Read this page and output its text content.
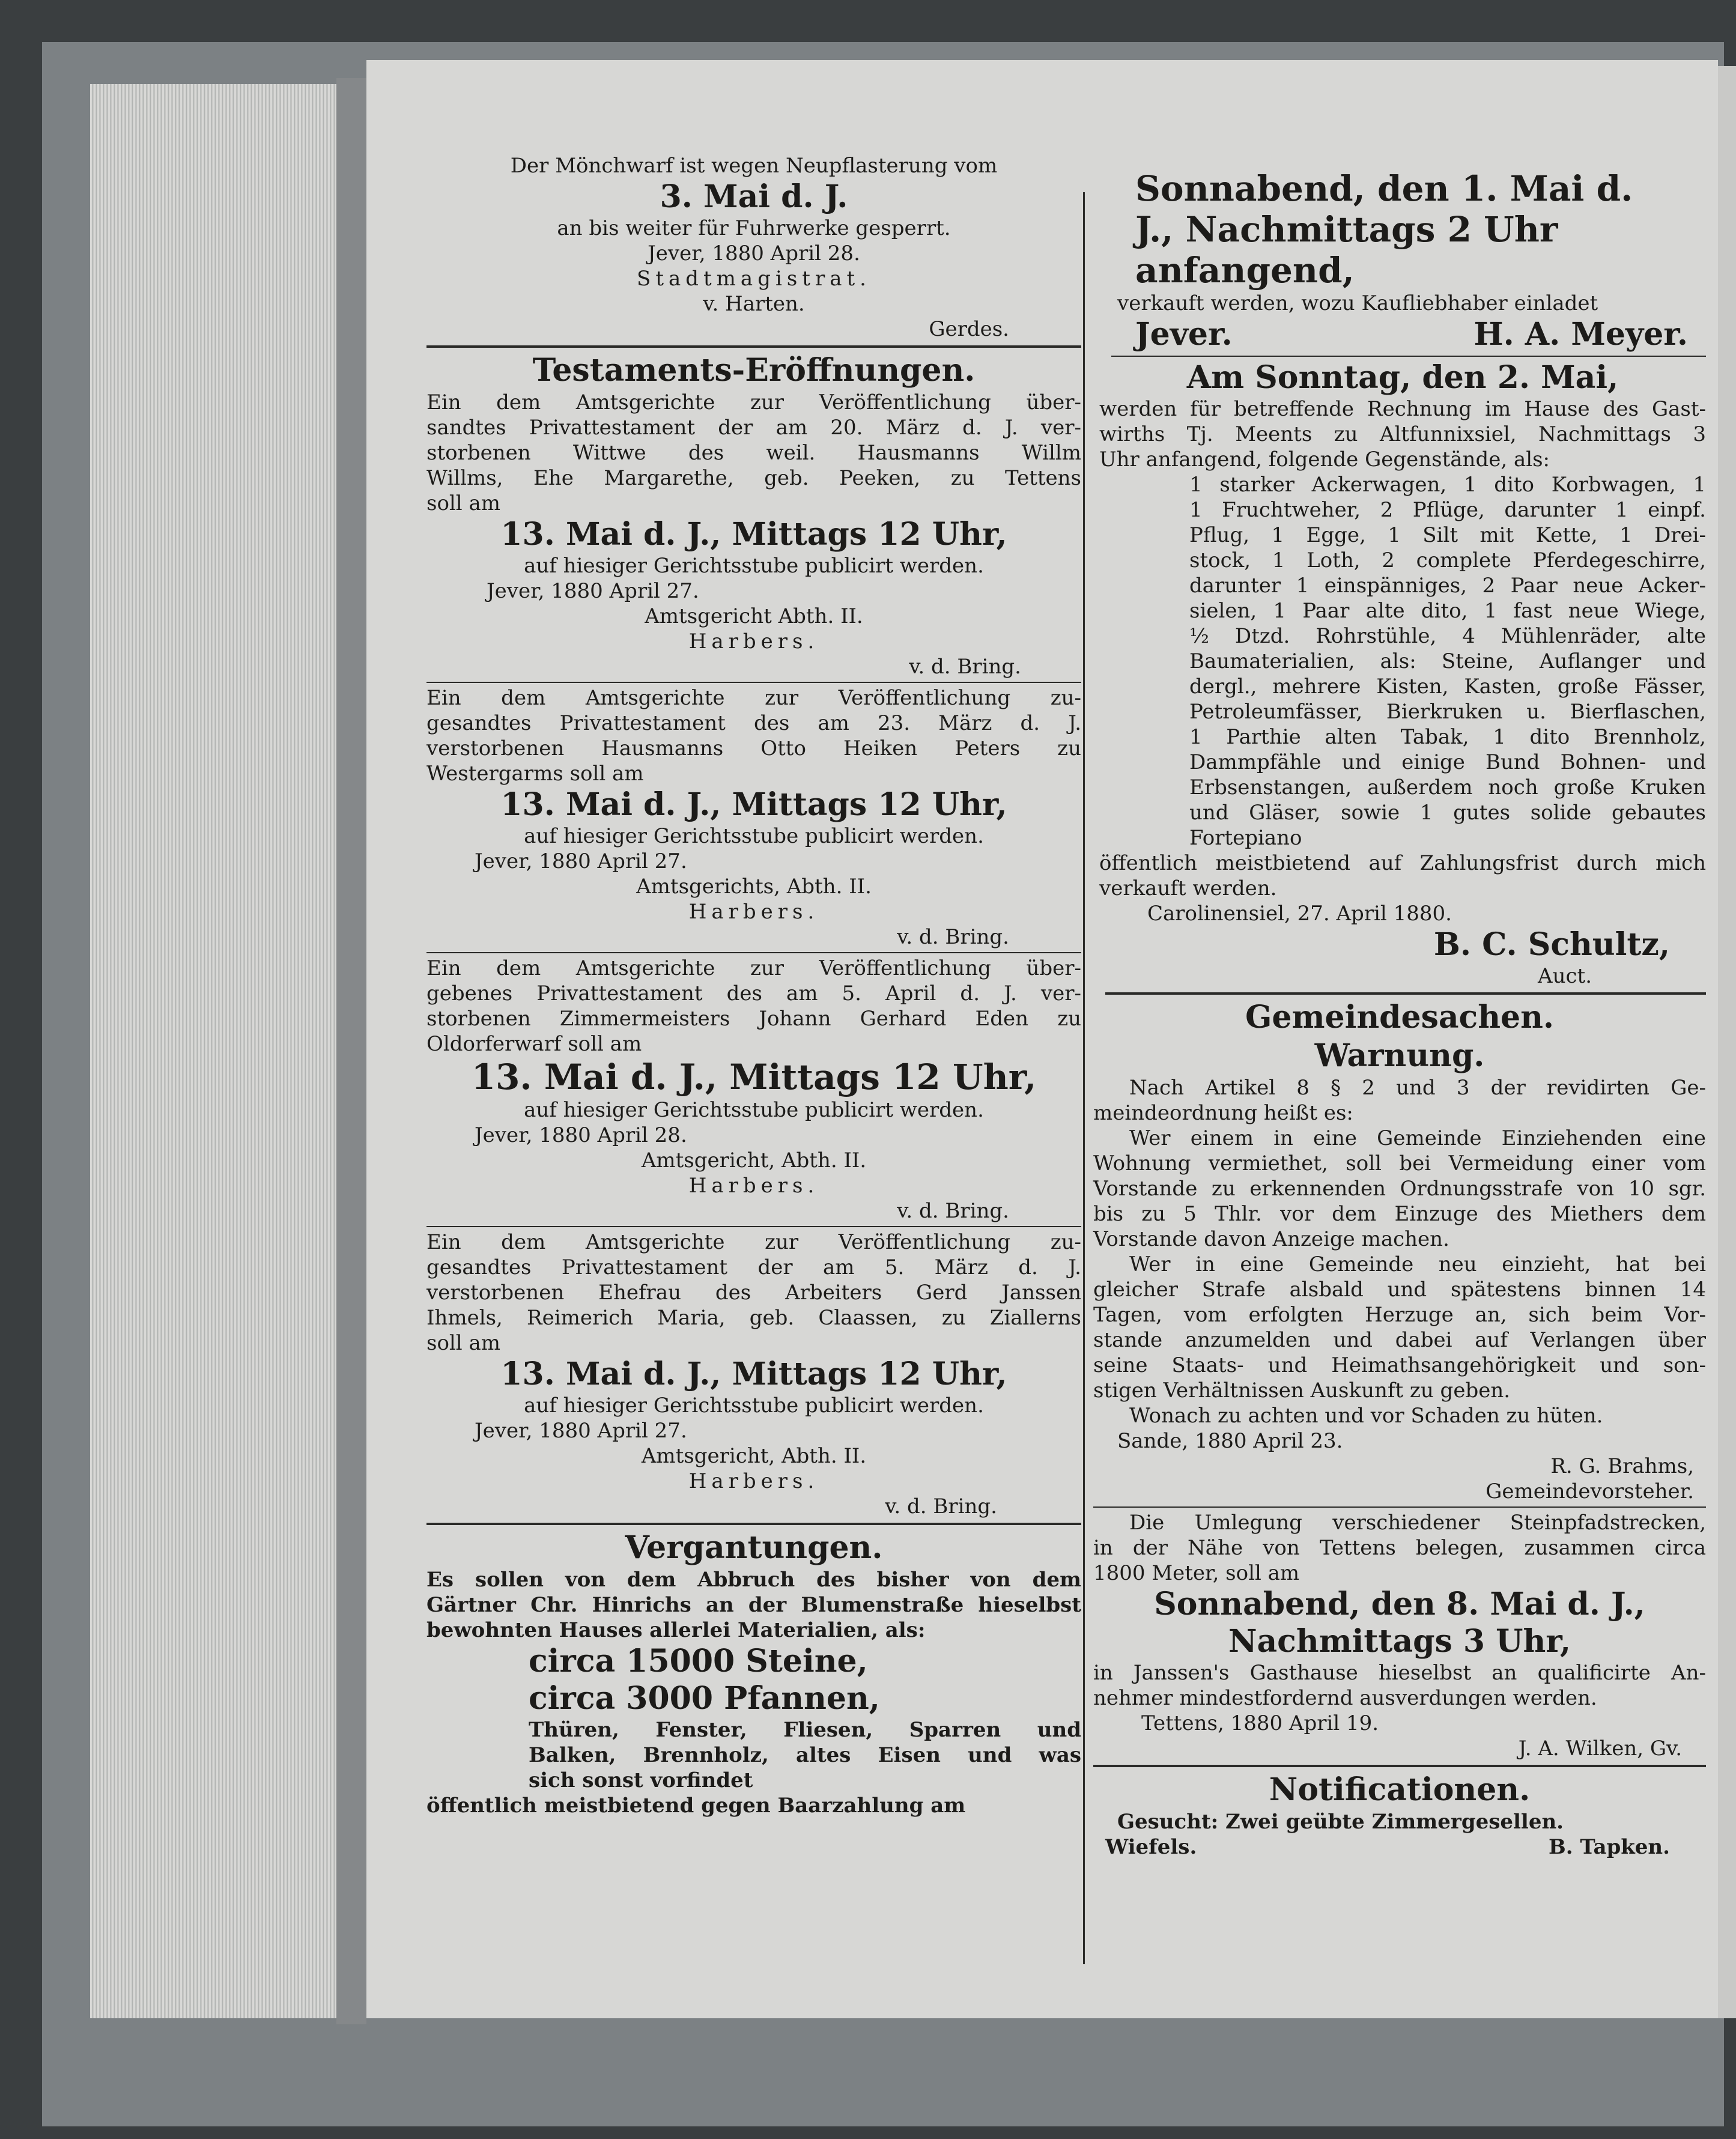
Der Mönchwarf ist wegen Neupflasterung vom
3. Mai d. J.
an bis weiter für Fuhrwerke gesperrt.
Jever, 1880 April 28.
Stadtmagistrat.
v. Harten.
Gerdes.
Testaments-Eröffnungen.
Ein dem Amtsgerichte zur Veröffentlichung über-
sandtes Privattestament der am 20. März d. J. ver-
storbenen Wittwe des weil. Hausmanns Willm
Willms, Ehe Margarethe, geb. Peeken, zu Tettens
soll am
13. Mai d. J., Mittags 12 Uhr,
auf hiesiger Gerichtsstube publicirt werden.
Jever, 1880 April 27.
Amtsgericht Abth. II.
Harbers.
v. d. Bring.
Ein dem Amtsgerichte zur Veröffentlichung zu-
gesandtes Privattestament des am 23. März d. J.
verstorbenen Hausmanns Otto Heiken Peters zu
Westergarms soll am
13. Mai d. J., Mittags 12 Uhr,
auf hiesiger Gerichtsstube publicirt werden.
Jever, 1880 April 27.
Amtsgerichts, Abth. II.
Harbers.
v. d. Bring.
Ein dem Amtsgerichte zur Veröffentlichung über-
gebenes Privattestament des am 5. April d. J. ver-
storbenen Zimmermeisters Johann Gerhard Eden zu
Oldorferwarf soll am
13. Mai d. J., Mittags 12 Uhr,
auf hiesiger Gerichtsstube publicirt werden.
Jever, 1880 April 28.
Amtsgericht, Abth. II.
Harbers.
v. d. Bring.
Ein dem Amtsgerichte zur Veröffentlichung zu-
gesandtes Privattestament der am 5. März d. J.
verstorbenen Ehefrau des Arbeiters Gerd Janssen
Ihmels, Reimerich Maria, geb. Claassen, zu Ziallerns
soll am
13. Mai d. J., Mittags 12 Uhr,
auf hiesiger Gerichtsstube publicirt werden.
Jever, 1880 April 27.
Amtsgericht, Abth. II.
Harbers.
v. d. Bring.
Vergantungen.
Es sollen von dem Abbruch des bisher von dem
Gärtner Chr. Hinrichs an der Blumenstraße hieselbst
bewohnten Hauses allerlei Materialien, als:
circa 15000 Steine,
circa 3000 Pfannen,
Thüren, Fenster, Fliesen, Sparren und
Balken, Brennholz, altes Eisen und was
sich sonst vorfindet
öffentlich meistbietend gegen Baarzahlung am
Sonnabend, den 1. Mai d.
J., Nachmittags 2 Uhr
anfangend,
verkauft werden, wozu Kaufliebhaber einladet
Jever.	H. A. Meyer.
Am Sonntag, den 2. Mai,
werden für betreffende Rechnung im Hause des Gast-
wirths Tj. Meents zu Altfunnixsiel, Nachmittags 3
Uhr anfangend, folgende Gegenstände, als:
1 starker Ackerwagen, 1 dito Korbwagen, 1
1 Fruchtweher, 2 Pflüge, darunter 1 einpf.
Pflug, 1 Egge, 1 Silt mit Kette, 1 Drei-
stock, 1 Loth, 2 complete Pferdegeschirre,
darunter 1 einspänniges, 2 Paar neue Acker-
sielen, 1 Paar alte dito, 1 fast neue Wiege,
½ Dtzd. Rohrstühle, 4 Mühlenräder, alte
Baumaterialien, als: Steine, Auflanger und
dergl., mehrere Kisten, Kasten, große Fässer,
Petroleumfässer, Bierkruken u. Bierflaschen,
1 Parthie alten Tabak, 1 dito Brennholz,
Dammpfähle und einige Bund Bohnen- und
Erbsenstangen, außerdem noch große Kruken
und Gläser, sowie 1 gutes solide gebautes
Fortepiano
öffentlich meistbietend auf Zahlungsfrist durch mich
verkauft werden.
Carolinensiel, 27. April 1880.
B. C. Schultz,
Auct.
Gemeindesachen.
Warnung.
Nach Artikel 8 § 2 und 3 der revidirten Ge-
meindeordnung heißt es:
Wer einem in eine Gemeinde Einziehenden eine
Wohnung vermiethet, soll bei Vermeidung einer vom
Vorstande zu erkennenden Ordnungsstrafe von 10 sgr.
bis zu 5 Thlr. vor dem Einzuge des Miethers dem
Vorstande davon Anzeige machen.
Wer in eine Gemeinde neu einzieht, hat bei
gleicher Strafe alsbald und spätestens binnen 14
Tagen, vom erfolgten Herzuge an, sich beim Vor-
stande anzumelden und dabei auf Verlangen über
seine Staats- und Heimathsangehörigkeit und son-
stigen Verhältnissen Auskunft zu geben.
Wonach zu achten und vor Schaden zu hüten.
Sande, 1880 April 23.
R. G. Brahms,
Gemeindevorsteher.
Die Umlegung verschiedener Steinpfadstrecken,
in der Nähe von Tettens belegen, zusammen circa
1800 Meter, soll am
Sonnabend, den 8. Mai d. J.,
Nachmittags 3 Uhr,
in Janssen's Gasthause hieselbst an qualificirte An-
nehmer mindestfordernd ausverdungen werden.
Tettens, 1880 April 19.
J. A. Wilken, Gv.
Notificationen.
Gesucht: Zwei geübte Zimmergesellen.
Wiefels.	B. Tapken.
